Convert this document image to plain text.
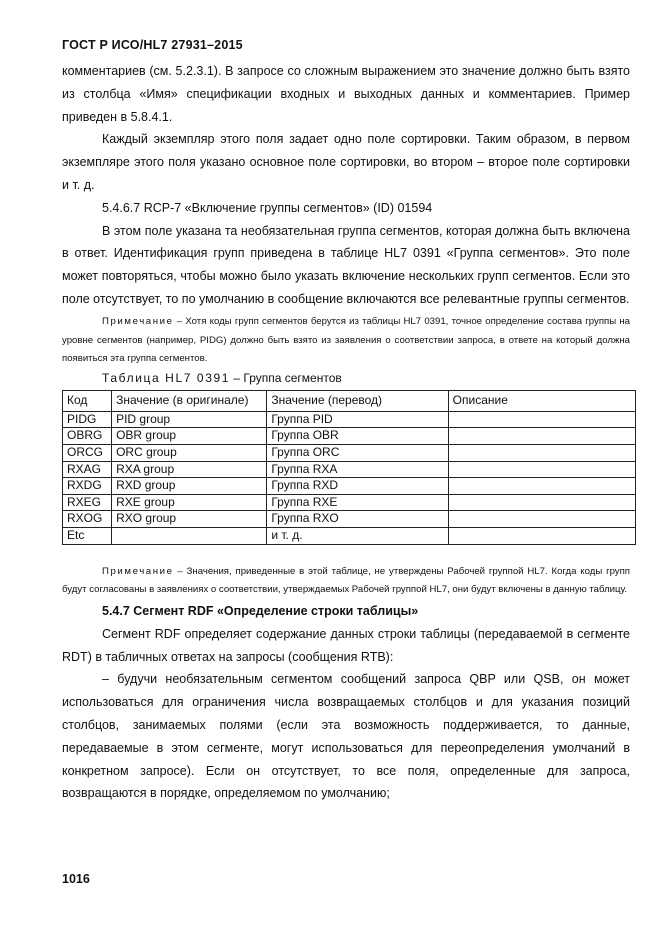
ГОСТ Р ИСО/HL7 27931–2015

комментариев (см. 5.2.3.1). В запросе со сложным выражением это значение должно быть взято из столбца «Имя» спецификации входных и выходных данных и комментариев. Пример приведен в 5.8.4.1.

Каждый экземпляр этого поля задает одно поле сортировки. Таким образом, в первом экземпляре этого поля указано основное поле сортировки, во втором – второе поле сортировки и т. д.

5.4.6.7 RCP-7 «Включение группы сегментов» (ID) 01594

В этом поле указана та необязательная группа сегментов, которая должна быть включена в ответ. Идентификация групп приведена в таблице HL7 0391 «Группа сегментов». Это поле может повторяться, чтобы можно было указать включение нескольких групп сегментов. Если это поле отсутствует, то по умолчанию в сообщение включаются все релевантные группы сегментов.

Примечание – Хотя коды групп сегментов берутся из таблицы HL7 0391, точное определение состава группы на уровне сегментов (например, PIDG) должно быть взято из заявления о соответствии запроса, в ответе на который должна появиться эта группа сегментов.

Таблица HL7 0391 – Группа сегментов

Код	Значение (в оригинале)	Значение (перевод)	Описание
PIDG	PID group	Группа PID	
OBRG	OBR group	Группа OBR	
ORCG	ORC group	Группа ORC	
RXAG	RXA group	Группа RXA	
RXDG	RXD group	Группа RXD	
RXEG	RXE group	Группа RXE	
RXOG	RXO group	Группа RXO	
Etc		и т. д.	

Примечание – Значения, приведенные в этой таблице, не утверждены Рабочей группой HL7. Когда коды групп будут согласованы в заявлениях о соответствии, утверждаемых Рабочей группой HL7, они будут включены в данную таблицу.

5.4.7 Сегмент RDF «Определение строки таблицы»

Сегмент RDF определяет содержание данных строки таблицы (передаваемой в сегменте RDT) в табличных ответах на запросы (сообщения RTB):

– будучи необязательным сегментом сообщений запроса QBP или QSB, он может использоваться для ограничения числа возвращаемых столбцов и для указания позиций столбцов, занимаемых полями (если эта возможность поддерживается, то данные, передаваемые в этом сегменте, могут использоваться для переопределения умолчаний в конкретном запросе). Если он отсутствует, то все поля, определенные для запроса, возвращаются в порядке, определяемом по умолчанию;

1016
